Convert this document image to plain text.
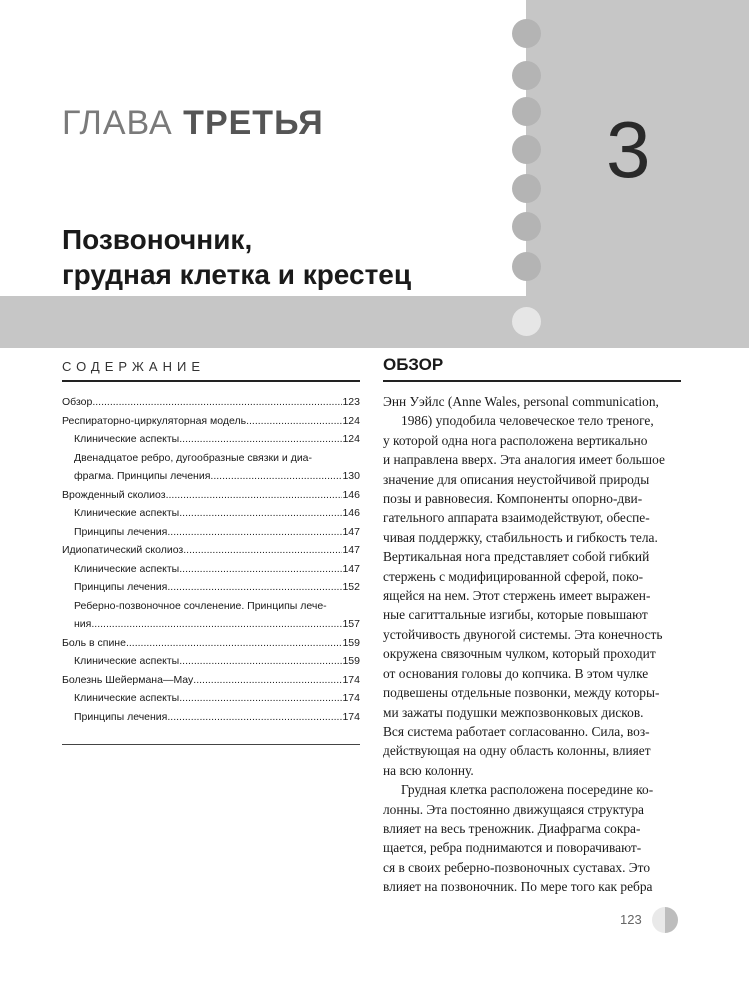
ГЛАВА ТРЕТЬЯ	3
Позвоночник,
грудная клетка и крестец
СОДЕРЖАНИЕ
Обзор .....	123
Респираторно-циркуляторная модель .....	124
Клинические аспекты .....	124
Двенадцатое ребро, дугообразные связки и диа-
фрагма. Принципы лечения .....	130
Врожденный сколиоз .....	146
Клинические аспекты .....	146
Принципы лечения .....	147
Идиопатический сколиоз .....	147
Клинические аспекты .....	147
Принципы лечения .....	152
Реберно-позвоночное сочленение. Принципы лече-
ния .....	157
Боль в спине .....	159
Клинические аспекты .....	159
Болезнь Шейермана—Мау .....	174
Клинические аспекты .....	174
Принципы лечения .....	174
ОБЗОР
Энн Уэйлс (Anne Wales, personal communication,
1986) уподобила человеческое тело треноге,
у которой одна нога расположена вертикально
и направлена вверх. Эта аналогия имеет большое
значение для описания неустойчивой природы
позы и равновесия. Компоненты опорно-дви-
гательного аппарата взаимодействуют, обеспе-
чивая поддержку, стабильность и гибкость тела.
Вертикальная нога представляет собой гибкий
стержень с модифицированной сферой, поко-
ящейся на нем. Этот стержень имеет выражен-
ные сагиттальные изгибы, которые повышают
устойчивость двуногой системы. Эта конечность
окружена связочным чулком, который проходит
от основания головы до копчика. В этом чулке
подвешены отдельные позвонки, между которы-
ми зажаты подушки межпозвонковых дисков.
Вся система работает согласованно. Сила, воз-
действующая на одну область колонны, влияет
на всю колонну.
Грудная клетка расположена посередине ко-
лонны. Эта постоянно движущаяся структура
влияет на весь треножник. Диафрагма сокра-
щается, ребра поднимаются и поворачивают-
ся в своих реберно-позвоночных суставах. Это
влияет на позвоночник. По мере того как ребра
123
